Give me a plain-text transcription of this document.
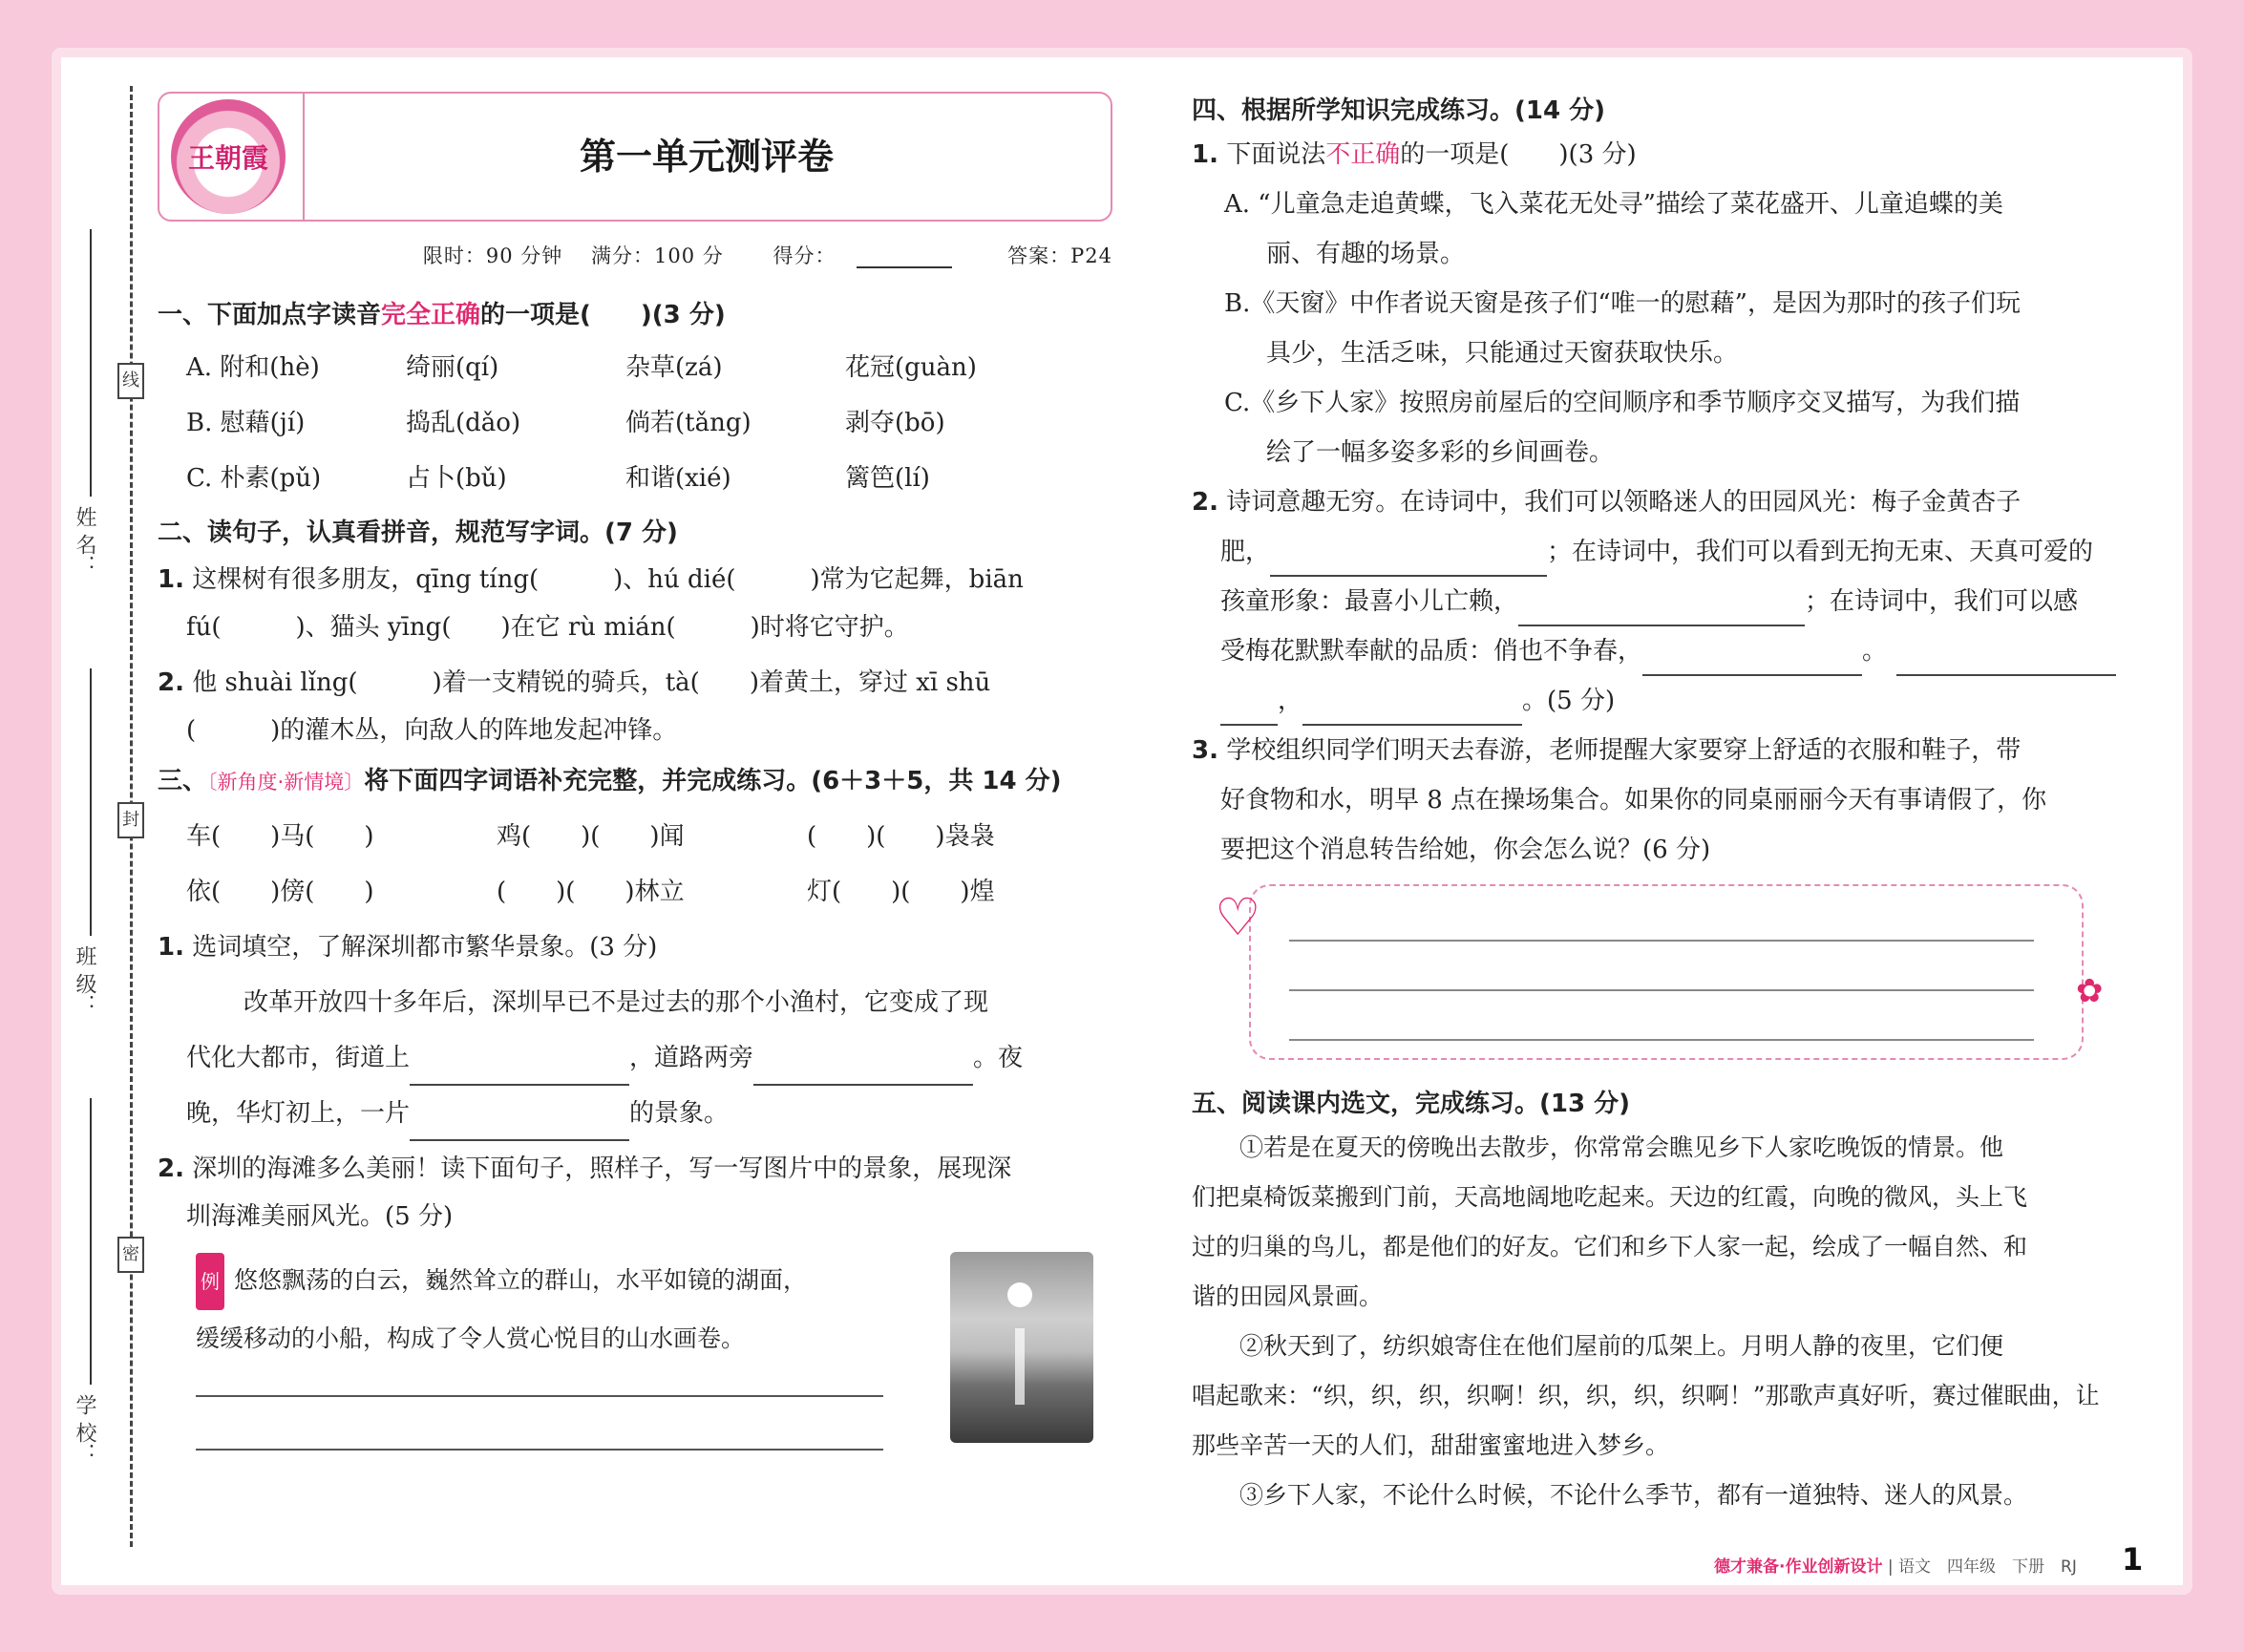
线
封
密
姓 名：
班 级：
学 校：
王朝霞	第一单元测评卷
限时：90 分钟 满分：100 分 得分：	答案：P24
一、下面加点字读音完全正确的一项是(　　)(3 分)
A. 附和(hè)	绮丽(qí)	杂草(zá)	花冠(guàn)
B. 慰藉(jí)	捣乱(dǎo)	倘若(tǎng)	剥夺(bō)
C. 朴素(pǔ)	占卜(bǔ)	和谐(xié)	篱笆(lí)
二、读句子，认真看拼音，规范写字词。(7 分)
1. 这棵树有很多朋友，qīng tíng(　　　)、hú dié(　　　)常为它起舞，biān
fú(　　　)、猫头 yīng(　　)在它 rù mián(　　　)时将它守护。
2. 他 shuài lǐng(　　　)着一支精锐的骑兵，tà(　　)着黄土，穿过 xī shū
(　　　)的灌木丛，向敌人的阵地发起冲锋。
三、〔新角度·新情境〕将下面四字词语补充完整，并完成练习。(6＋3＋5，共 14 分)
车(　　)马(　　)	鸡(　　)(　　)闻	(　　)(　　)袅袅
依(　　)傍(　　)	(　　)(　　)林立	灯(　　)(　　)煌
1. 选词填空，了解深圳都市繁华景象。(3 分)
改革开放四十多年后，深圳早已不是过去的那个小渔村，它变成了现
代化大都市，街道上	，道路两旁	。夜
晚，华灯初上，一片	的景象。
2. 深圳的海滩多么美丽！读下面句子，照样子，写一写图片中的景象，展现深
圳海滩美丽风光。(5 分)
例 悠悠飘荡的白云，巍然耸立的群山，水平如镜的湖面，
缓缓移动的小船，构成了令人赏心悦目的山水画卷。
四、根据所学知识完成练习。(14 分)
1. 下面说法不正确的一项是(　　)(3 分)
A. “儿童急走追黄蝶，飞入菜花无处寻”描绘了菜花盛开、儿童追蝶的美
丽、有趣的场景。
B.《天窗》中作者说天窗是孩子们“唯一的慰藉”，是因为那时的孩子们玩
具少，生活乏味，只能通过天窗获取快乐。
C.《乡下人家》按照房前屋后的空间顺序和季节顺序交叉描写，为我们描
绘了一幅多姿多彩的乡间画卷。
2. 诗词意趣无穷。在诗词中，我们可以领略迷人的田园风光：梅子金黄杏子
肥，	；在诗词中，我们可以看到无拘无束、天真可爱的
孩童形象：最喜小儿亡赖，	；在诗词中，我们可以感
受梅花默默奉献的品质：俏也不争春，	。
，	。(5 分)
3. 学校组织同学们明天去春游，老师提醒大家要穿上舒适的衣服和鞋子，带
好食物和水，明早 8 点在操场集合。如果你的同桌丽丽今天有事请假了，你
要把这个消息转告给她，你会怎么说？(6 分)
♡
✿
五、阅读课内选文，完成练习。(13 分)
①若是在夏天的傍晚出去散步，你常常会瞧见乡下人家吃晚饭的情景。他
们把桌椅饭菜搬到门前，天高地阔地吃起来。天边的红霞，向晚的微风，头上飞
过的归巢的鸟儿，都是他们的好友。它们和乡下人家一起，绘成了一幅自然、和
谐的田园风景画。
②秋天到了，纺织娘寄住在他们屋前的瓜架上。月明人静的夜里，它们便
唱起歌来：“织，织，织，织啊！织，织，织，织啊！”那歌声真好听，赛过催眠曲，让
那些辛苦一天的人们，甜甜蜜蜜地进入梦乡。
③乡下人家，不论什么时候，不论什么季节，都有一道独特、迷人的风景。
德才兼备·作业创新设计 | 语文　四年级　下册　RJ 1
